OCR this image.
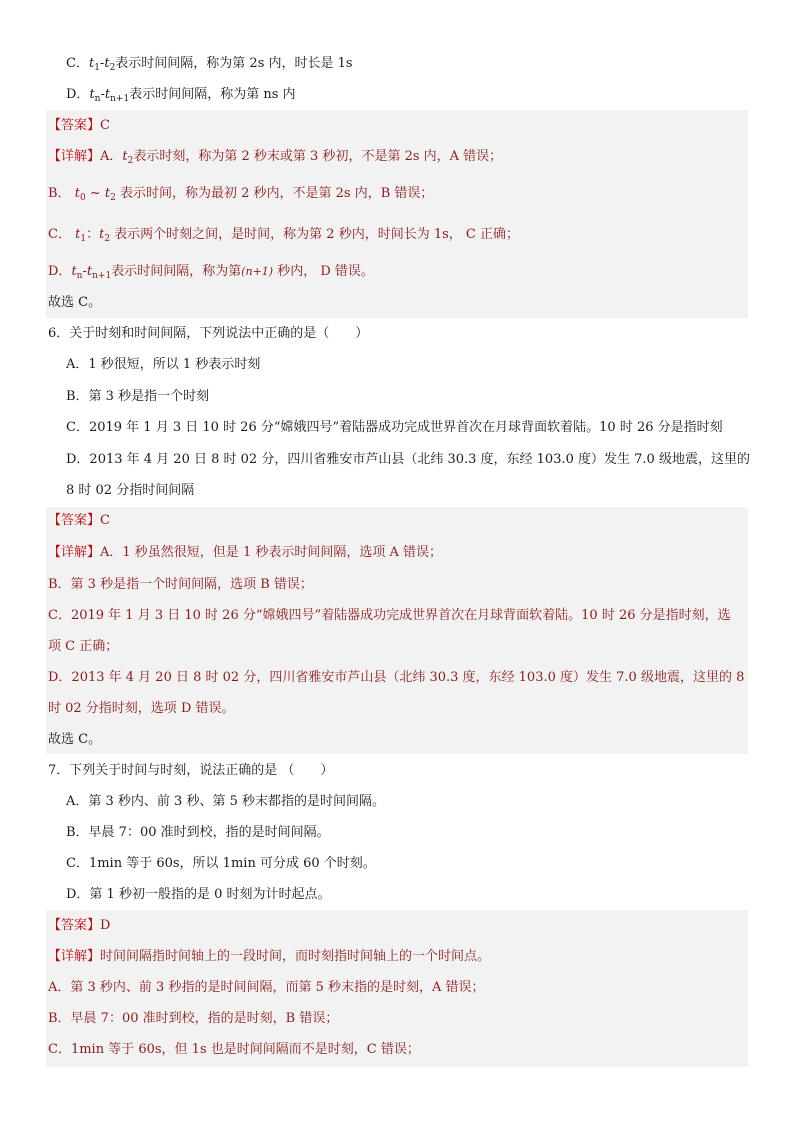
C．$t_1-t_2$表示时间间隔，称为第 2s 内，时长是 1s
D．$t_n-t_{n+1}$表示时间间隔，称为第 ns 内
【答案】C
【详解】A．$t_2$表示时刻，称为第 2 秒末或第 3 秒初，不是第 2s 内，A 错误；
B． $t_0$ ~ $t_2$ 表示时间，称为最初 2 秒内，不是第 2s 内，B 错误；
C． $t_1$：$t_2$ 表示两个时刻之间，是时间，称为第 2 秒内，时间长为 1s， C 正确；
D．$t_n-t_{n+1}$表示时间间隔，称为第(n+1) 秒内， D 错误。
故选 C。
6．关于时刻和时间间隔，下列说法中正确的是（　　）
A．1 秒很短，所以 1 秒表示时刻
B．第 3 秒是指一个时刻
C．2019 年 1 月 3 日 10 时 26 分“嫦娥四号”着陆器成功完成世界首次在月球背面软着陆。10 时 26 分是指时刻
D．2013 年 4 月 20 日 8 时 02 分，四川省雅安市芦山县（北纬 30.3 度，东经 103.0 度）发生 7.0 级地震，这里的
8 时 02 分指时间间隔
【答案】C
【详解】A．1 秒虽然很短，但是 1 秒表示时间间隔，选项 A 错误；
B．第 3 秒是指一个时间间隔，选项 B 错误；
C．2019 年 1 月 3 日 10 时 26 分“嫦娥四号”着陆器成功完成世界首次在月球背面软着陆。10 时 26 分是指时刻，选
项 C 正确；
D．2013 年 4 月 20 日 8 时 02 分，四川省雅安市芦山县（北纬 30.3 度，东经 103.0 度）发生 7.0 级地震，这里的 8
时 02 分指时刻，选项 D 错误。
故选 C。
7．下列关于时间与时刻，说法正确的是 （　　）
A．第 3 秒内、前 3 秒、第 5 秒末都指的是时间间隔。
B．早晨 7：00 准时到校，指的是时间间隔。
C．1min 等于 60s，所以 1min 可分成 60 个时刻。
D．第 1 秒初一般指的是 0 时刻为计时起点。
【答案】D
【详解】时间间隔指时间轴上的一段时间，而时刻指时间轴上的一个时间点。
A．第 3 秒内、前 3 秒指的是时间间隔，而第 5 秒末指的是时刻，A 错误；
B．早晨 7：00 准时到校，指的是时刻，B 错误；
C．1min 等于 60s，但 1s 也是时间间隔而不是时刻，C 错误；
